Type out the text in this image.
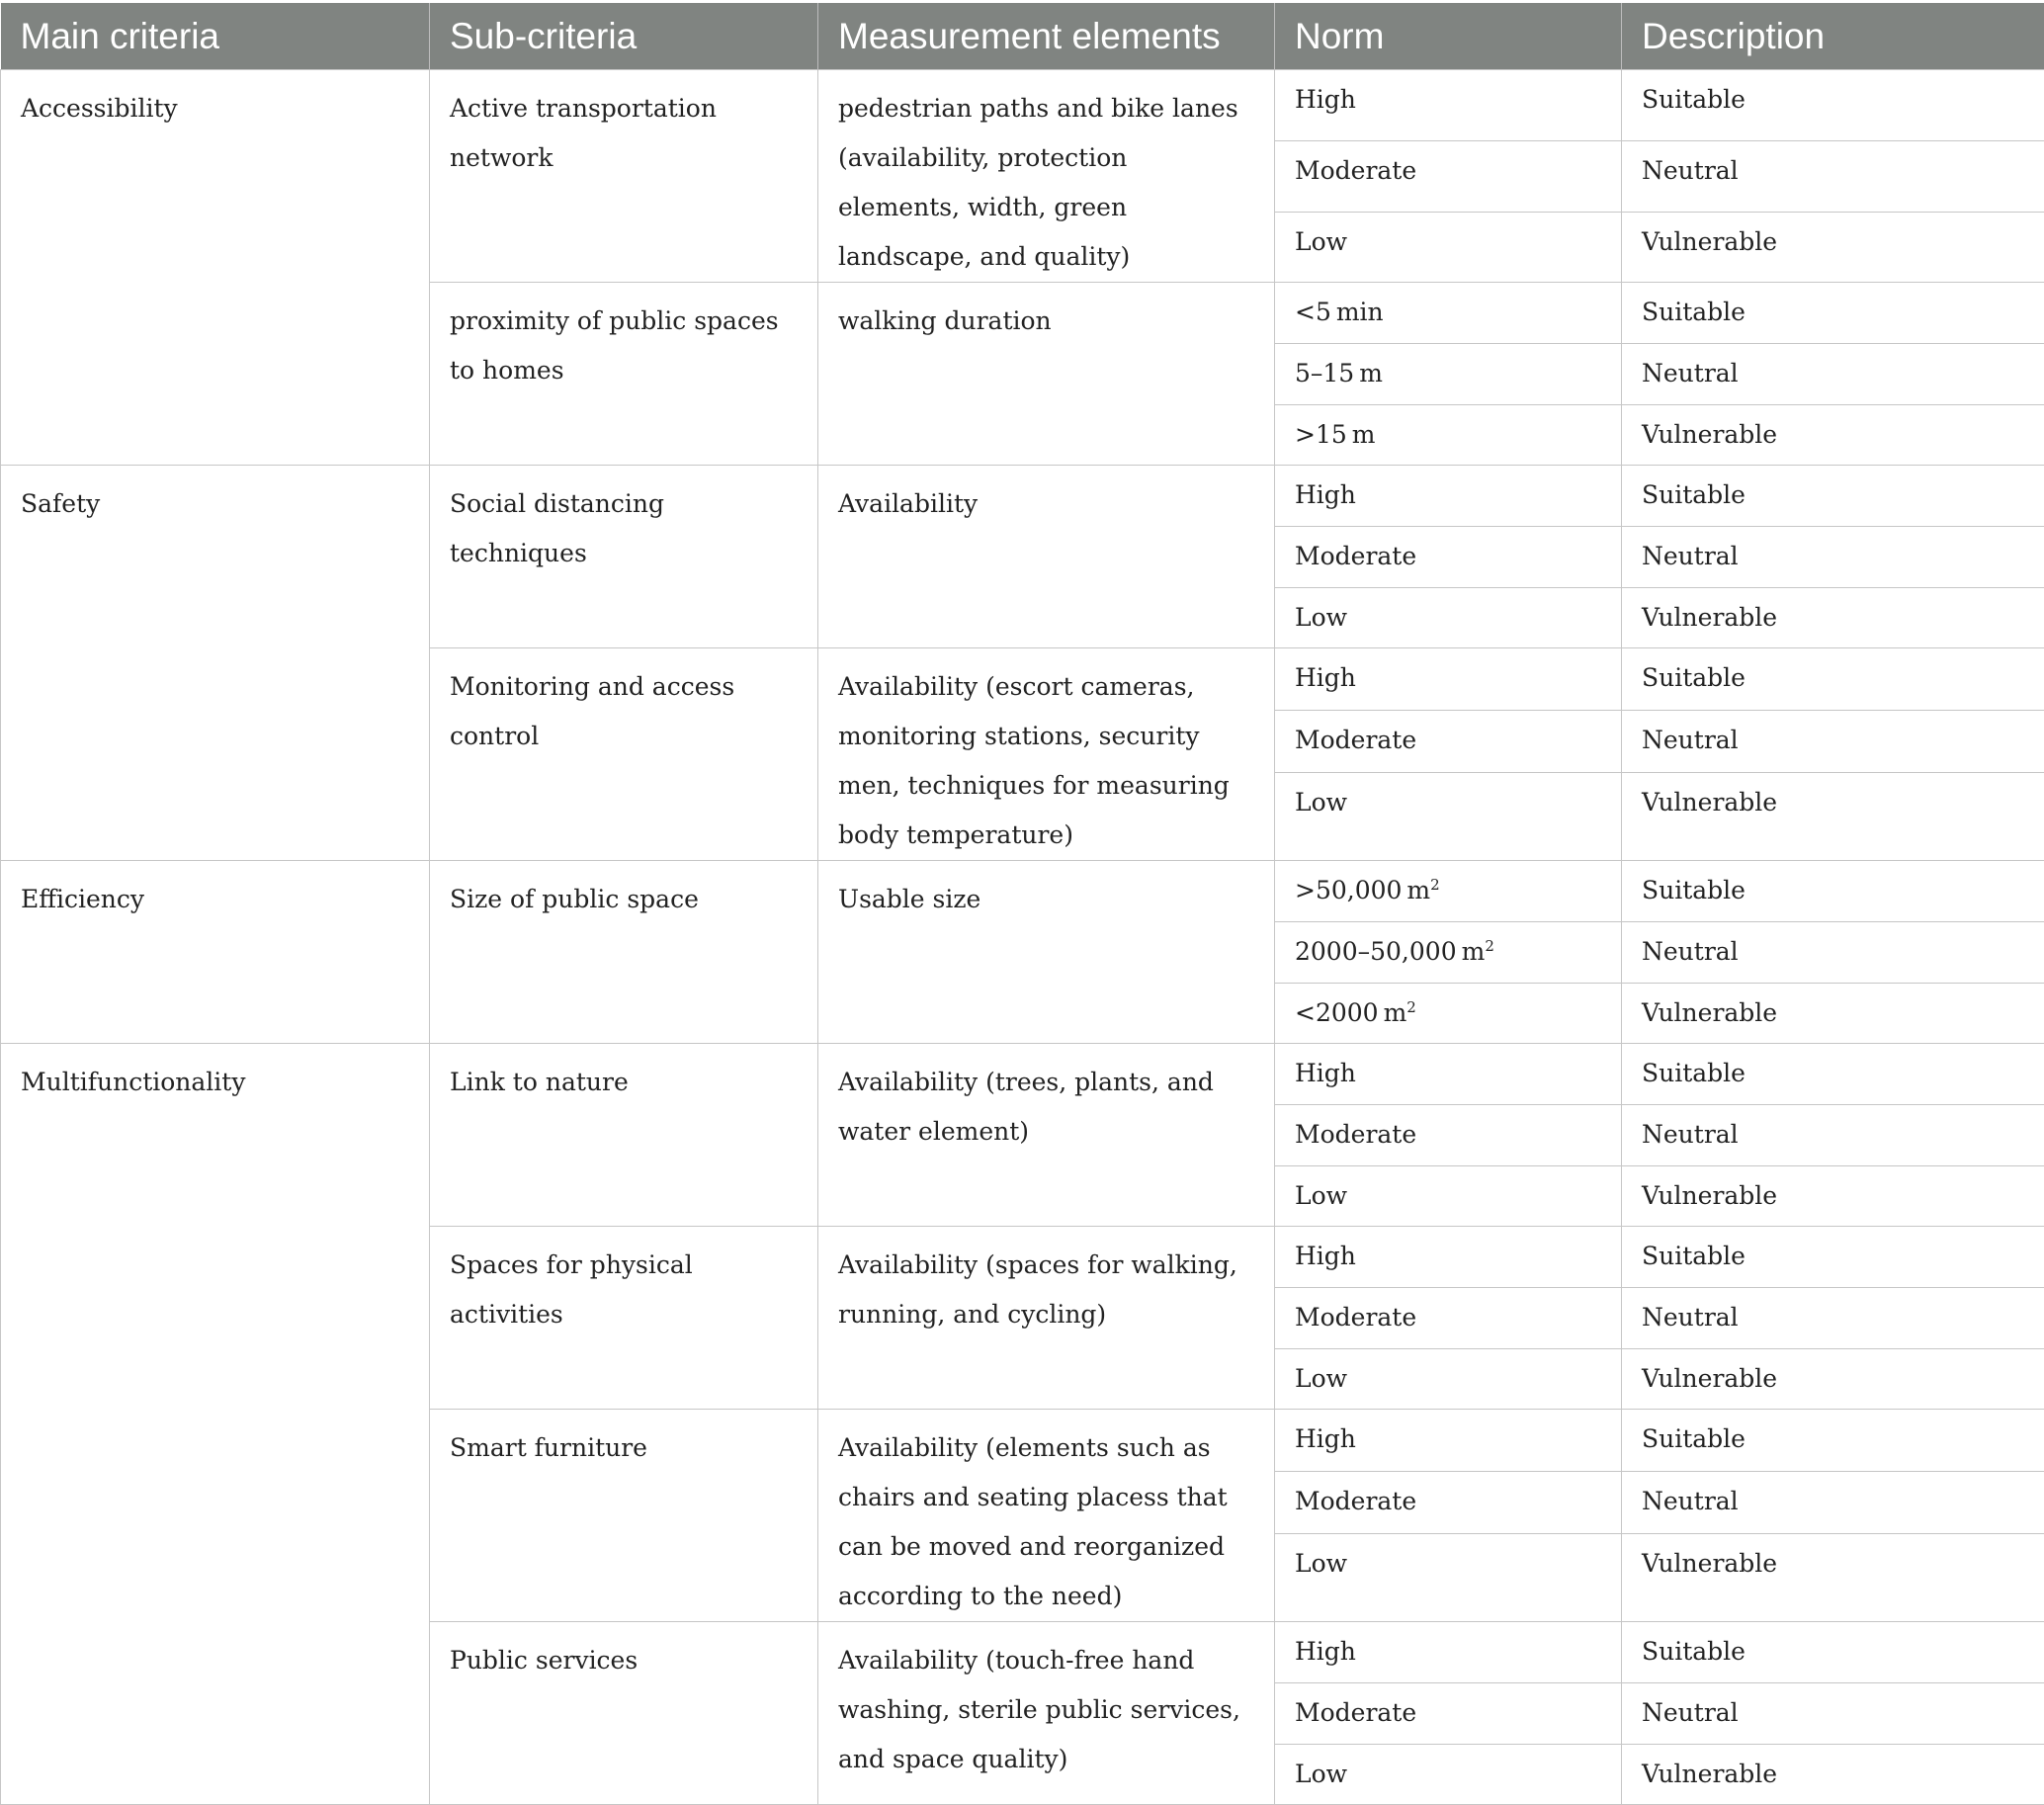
Main criteria	Sub-criteria	Measurement elements	Norm	Description
Accessibility	Active transportation network	pedestrian paths and bike lanes (availability, protection elements, width, green landscape, and quality)	High	Suitable
			Moderate	Neutral
			Low	Vulnerable
	proximity of public spaces to homes	walking duration	<5 min	Suitable
			5–15 m	Neutral
			>15 m	Vulnerable
Safety	Social distancing techniques	Availability	High	Suitable
			Moderate	Neutral
			Low	Vulnerable
	Monitoring and access control	Availability (escort cameras, monitoring stations, security men, techniques for measuring body temperature)	High	Suitable
			Moderate	Neutral
			Low	Vulnerable
Efficiency	Size of public space	Usable size	>50,000 $m^2$	Suitable
			2000–50,000 $m^2$	Neutral
			<2000 $m^2$	Vulnerable
Multifunctionality	Link to nature	Availability (trees, plants, and water element)	High	Suitable
			Moderate	Neutral
			Low	Vulnerable
	Spaces for physical activities	Availability (spaces for walking, running, and cycling)	High	Suitable
			Moderate	Neutral
			Low	Vulnerable
	Smart furniture	Availability (elements such as chairs and seating placess that can be moved and reorganized according to the need)	High	Suitable
			Moderate	Neutral
			Low	Vulnerable
	Public services	Availability (touch-free hand washing, sterile public services, and space quality)	High	Suitable
			Moderate	Neutral
			Low	Vulnerable
